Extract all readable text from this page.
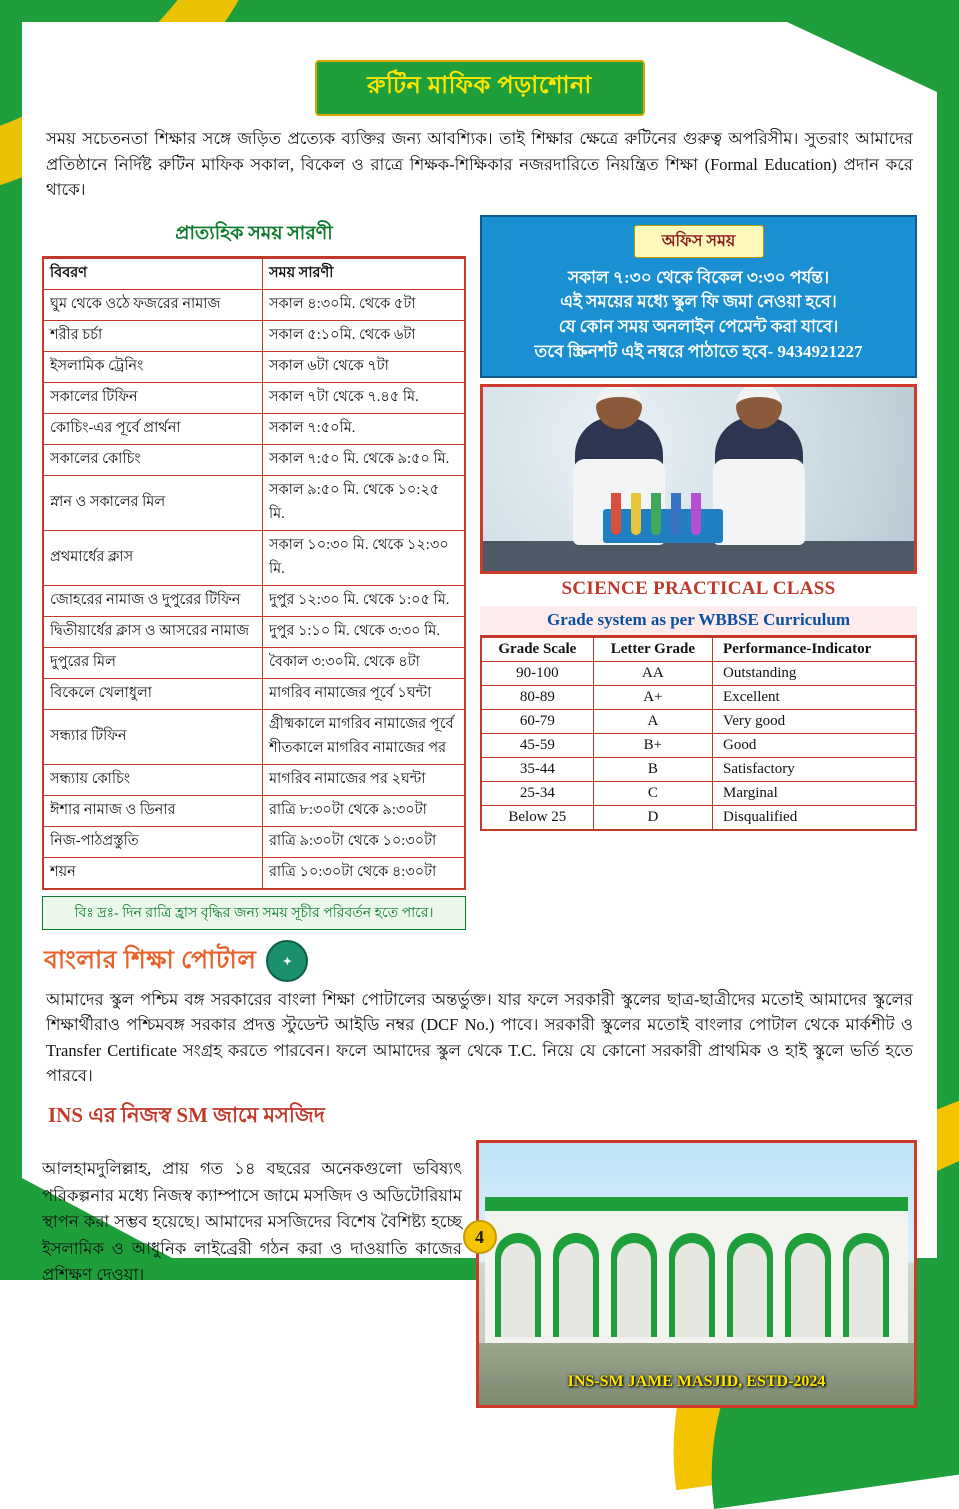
রুটিন মাফিক পড়াশোনা

সময় সচেতনতা শিক্ষার সঙ্গে জড়িত প্রত্যেক ব্যক্তির জন্য আবশ্যিক। তাই শিক্ষার ক্ষেত্রে রুটিনের গুরুত্ব অপরিসীম। সুতরাং আমাদের প্রতিষ্ঠানে নির্দিষ্ট রুটিন মাফিক সকাল, বিকেল ও রাত্রে শিক্ষক-শিক্ষিকার নজরদারিতে নিয়ন্ত্রিত শিক্ষা (Formal Education) প্রদান করে থাকে।

প্রাত্যহিক সময় সারণী
বিবরণ	সময় সারণী
ঘুম থেকে ওঠে ফজরের নামাজ	সকাল ৪:৩০মি. থেকে ৫টা
শরীর চর্চা	সকাল ৫:১০মি. থেকে ৬টা
ইসলামিক ট্রেনিং	সকাল ৬টা থেকে ৭টা
সকালের টিফিন	সকাল ৭টা থেকে ৭.৪৫ মি.
কোচিং-এর পূর্বে প্রার্থনা	সকাল ৭:৫০মি.
সকালের কোচিং	সকাল ৭:৫০ মি. থেকে ৯:৫০ মি.
স্নান ও সকালের মিল	সকাল ৯:৫০ মি. থেকে ১০:২৫ মি.
প্রথমার্ধের ক্লাস	সকাল ১০:৩০ মি. থেকে ১২:৩০ মি.
জোহরের নামাজ ও দুপুরের টিফিন	দুপুর ১২:৩০ মি. থেকে ১:০৫ মি.
দ্বিতীয়ার্ধের ক্লাস ও আসরের নামাজ	দুপুর ১:১০ মি. থেকে ৩:৩০ মি.
দুপুরের মিল	বৈকাল ৩:৩০মি. থেকে ৪টা
বিকেলে খেলাধুলা	মাগরিব নামাজের পূর্বে ১ঘন্টা
সন্ধ্যার টিফিন	গ্রীষ্মকালে মাগরিব নামাজের পূর্বে
শীতকালে মাগরিব নামাজের পর
সন্ধ্যায় কোচিং	মাগরিব নামাজের পর ২ঘন্টা
ঈশার নামাজ ও ডিনার	রাত্রি ৮:৩০টা থেকে ৯:৩০টা
নিজ-পাঠপ্রস্তুতি	রাত্রি ৯:৩০টা থেকে ১০:৩০টা
শয়ন	রাত্রি ১০:৩০টা থেকে ৪:৩০টা
বিঃ দ্রঃ- দিন রাত্রি হ্রাস বৃদ্ধির জন্য সময় সূচীর পরিবর্তন হতে পারে।
অফিস সময়
সকাল ৭:৩০ থেকে বিকেল ৩:৩০ পর্যন্ত।
এই সময়ের মধ্যে স্কুল ফি জমা নেওয়া হবে।
যে কোন সময় অনলাইন পেমেন্ট করা যাবে।
তবে স্ক্রিনশট এই নম্বরে পাঠাতে হবে- 9434921227
SCIENCE PRACTICAL CLASS
Grade system as per WBBSE Curriculum
Grade Scale	Letter Grade	Performance-Indicator
90-100	AA	Outstanding
80-89	A+	Excellent
60-79	A	Very good
45-59	B+	Good
35-44	B	Satisfactory
25-34	C	Marginal
Below 25	D	Disqualified
বাংলার শিক্ষা পোটাল	✦

আমাদের স্কুল পশ্চিম বঙ্গ সরকারের বাংলা শিক্ষা পোটালের অন্তর্ভুক্ত। যার ফলে সরকারী স্কুলের ছাত্র-ছাত্রীদের মতোই আমাদের স্কুলের শিক্ষার্থীরাও পশ্চিমবঙ্গ সরকার প্রদত্ত স্টুডেন্ট আইডি নম্বর (DCF No.) পাবে। সরকারী স্কুলের মতোই বাংলার পোটাল থেকে মার্কশীট ও Transfer Certificate সংগ্রহ করতে পারবেন। ফলে আমাদের স্কুল থেকে T.C. নিয়ে যে কোনো সরকারী প্রাথমিক ও হাই স্কুলে ভর্তি হতে পারবে।

INS এর নিজস্ব SM জামে মসজিদ

আলহামদুলিল্লাহ, প্রায় গত ১৪ বছরের অনেকগুলো ভবিষ্যৎ পরিকল্পনার মধ্যে নিজস্ব ক্যাম্পাসে জামে মসজিদ ও অডিটোরিয়াম স্থাপন করা সম্ভব হয়েছে। আমাদের মসজিদের বিশেষ বৈশিষ্ট্য হচ্ছে ইসলামিক ও আধুনিক লাইব্রেরী গঠন করা ও দাওয়াতি কাজের প্রশিক্ষণ দেওয়া।

INS-SM JAME MASJID, ESTD-2024
4
